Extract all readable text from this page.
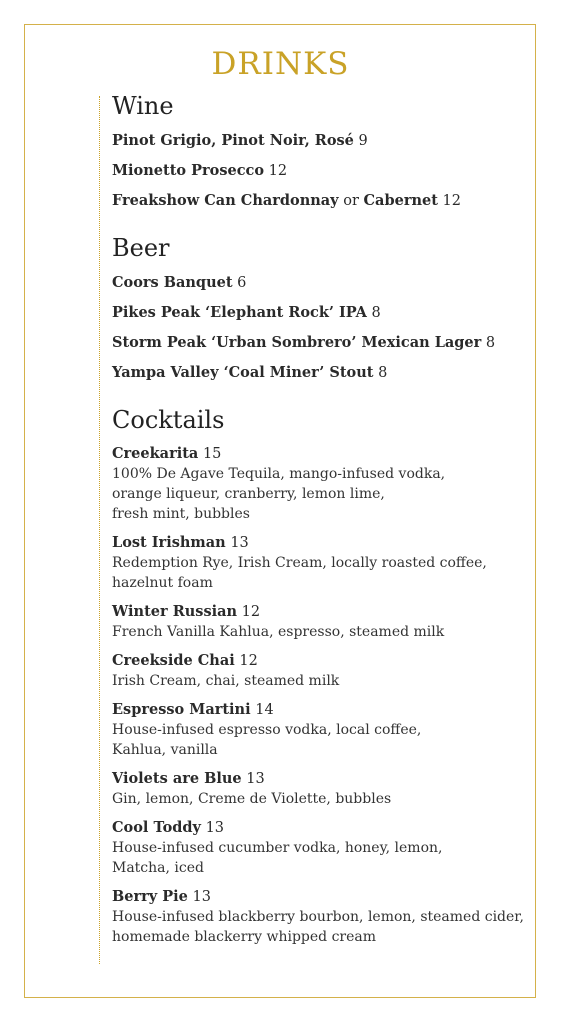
DRINKS
Wine
Pinot Grigio, Pinot Noir, Rosé 9
Mionetto Prosecco 12
Freakshow Can Chardonnay or Cabernet 12
Beer
Coors Banquet 6
Pikes Peak ‘Elephant Rock’ IPA 8
Storm Peak ‘Urban Sombrero’ Mexican Lager 8
Yampa Valley ‘Coal Miner’ Stout 8
Cocktails
Creekarita 15
100% De Agave Tequila, mango-infused vodka,
orange liqueur, cranberry, lemon lime,
fresh mint, bubbles
Lost Irishman 13
Redemption Rye, Irish Cream, locally roasted coffee,
hazelnut foam
Winter Russian 12
French Vanilla Kahlua, espresso, steamed milk
Creekside Chai 12
Irish Cream, chai, steamed milk
Espresso Martini 14
House-infused espresso vodka, local coffee,
Kahlua, vanilla
Violets are Blue 13
Gin, lemon, Creme de Violette, bubbles
Cool Toddy 13
House-infused cucumber vodka, honey, lemon,
Matcha, iced
Berry Pie 13
House-infused blackberry bourbon, lemon, steamed cider,
homemade blackerry whipped cream
